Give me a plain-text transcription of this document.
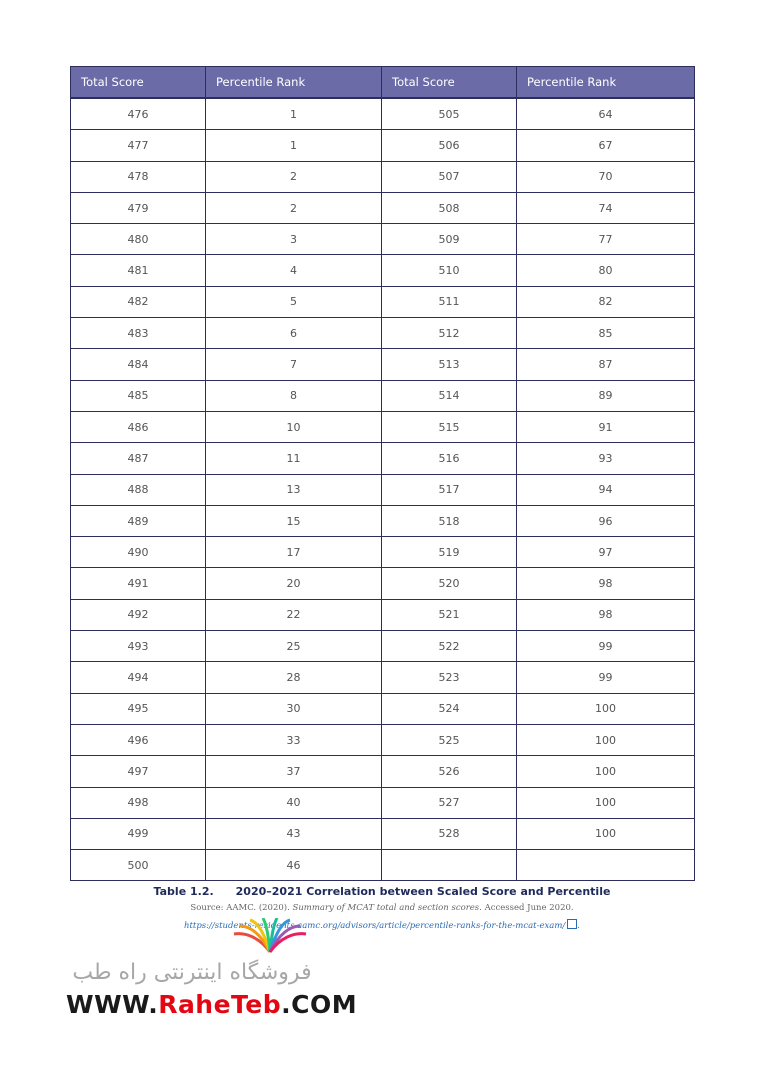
Total Score	Percentile Rank	Total Score	Percentile Rank
476	1	505	64
477	1	506	67
478	2	507	70
479	2	508	74
480	3	509	77
481	4	510	80
482	5	511	82
483	6	512	85
484	7	513	87
485	8	514	89
486	10	515	91
487	11	516	93
488	13	517	94
489	15	518	96
490	17	519	97
491	20	520	98
492	22	521	98
493	25	522	99
494	28	523	99
495	30	524	100
496	33	525	100
497	37	526	100
498	40	527	100
499	43	528	100
500	46		
Table 1.2. 2020–2021 Correlation between Scaled Score and Percentile
Source: AAMC. (2020). Summary of MCAT total and section scores. Accessed June 2020.
https://students-residents.aamc.org/advisors/article/percentile-ranks-for-the-mcat-exam/ .
فروشگاه اینترنتی راه طب
WWW.RaheTeb.COM
